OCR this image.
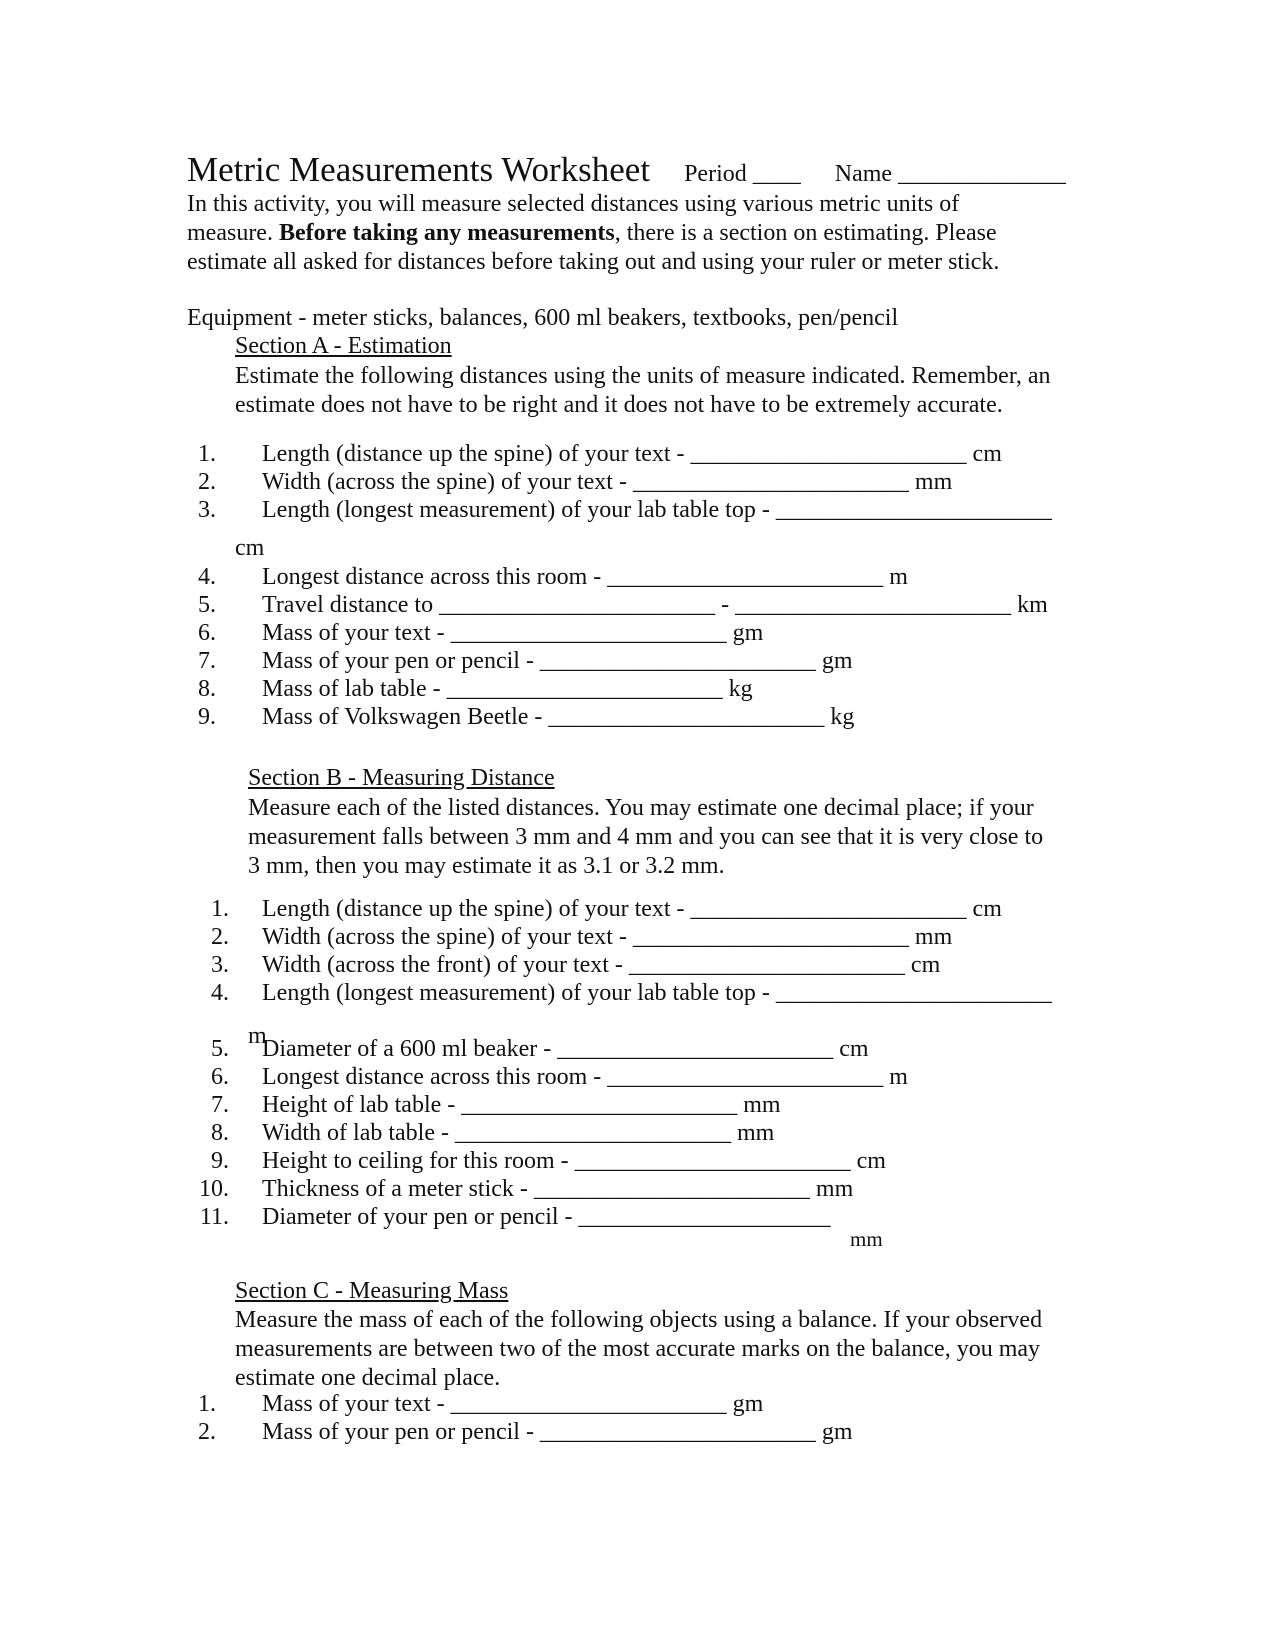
Metric Measurements Worksheet Period ____ Name ______________
In this activity, you will measure selected distances using various metric units of
measure. Before taking any measurements, there is a section on estimating. Please
estimate all asked for distances before taking out and using your ruler or meter stick.
Equipment - meter sticks, balances, 600 ml beakers, textbooks, pen/pencil
Section A - Estimation
Estimate the following distances using the units of measure indicated. Remember, an
estimate does not have to be right and it does not have to be extremely accurate.
1. Length (distance up the spine) of your text - _______________________ cm
2. Width (across the spine) of your text - _______________________ mm
3. Length (longest measurement) of your lab table top - _______________________
4. Longest distance across this room - _______________________ m
5. Travel distance to _______________________ - _______________________ km
6. Mass of your text - _______________________ gm
7. Mass of your pen or pencil - _______________________ gm
8. Mass of lab table - _______________________ kg
9. Mass of Volkswagen Beetle - _______________________ kg
cm
Section B - Measuring Distance
Measure each of the listed distances. You may estimate one decimal place; if your
measurement falls between 3 mm and 4 mm and you can see that it is very close to
3 mm, then you may estimate it as 3.1 or 3.2 mm.
1. Length (distance up the spine) of your text - _______________________ cm
2. Width (across the spine) of your text - _______________________ mm
3. Width (across the front) of your text - _______________________ cm
4. Length (longest measurement) of your lab table top - _______________________
5. Diameter of a 600 ml beaker - _______________________ cm
6. Longest distance across this room - _______________________ m
7. Height of lab table - _______________________ mm
8. Width of lab table - _______________________ mm
9. Height to ceiling for this room - _______________________ cm
10. Thickness of a meter stick - _______________________ mm
11. Diameter of your pen or pencil - _____________________
m
mm
Section C - Measuring Mass
Measure the mass of each of the following objects using a balance. If your observed
measurements are between two of the most accurate marks on the balance, you may
estimate one decimal place.
1. Mass of your text - _______________________ gm
2. Mass of your pen or pencil - _______________________ gm
